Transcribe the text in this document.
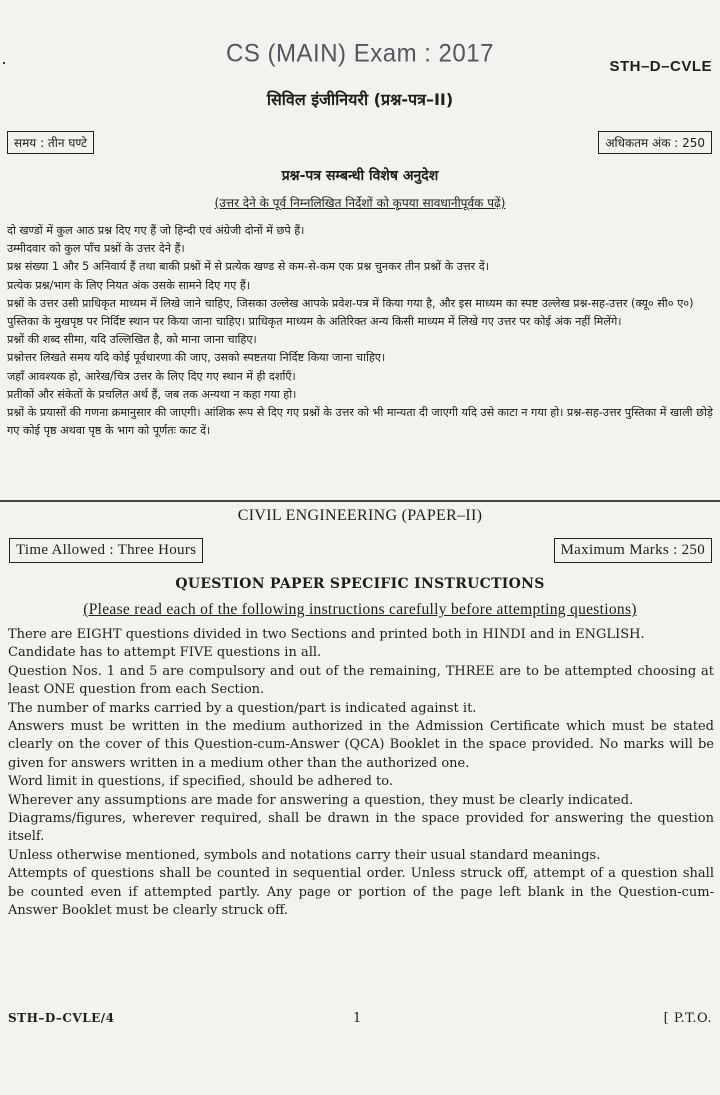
CS (MAIN) Exam : 2017	STH–D–CVLE
सिविल इंजीनियरी (प्रश्न-पत्र–II)
समय : तीन घण्टे	अधिकतम अंक : 250
प्रश्न-पत्र सम्बन्धी विशेष अनुदेश
(उत्तर देने के पूर्व निम्नलिखित निर्देशों को कृपया सावधानीपूर्वक पढ़ें)

दो खण्डों में कुल आठ प्रश्न दिए गए हैं जो हिन्दी एवं अंग्रेजी दोनों में छपे हैं।

उम्मीदवार को कुल पाँच प्रश्नों के उत्तर देने हैं।

प्रश्न संख्या 1 और 5 अनिवार्य हैं तथा बाकी प्रश्नों में से प्रत्येक खण्ड से कम-से-कम एक प्रश्न चुनकर तीन प्रश्नों के उत्तर दें।

प्रत्येक प्रश्न/भाग के लिए नियत अंक उसके सामने दिए गए हैं।

प्रश्नों के उत्तर उसी प्राधिकृत माध्यम में लिखे जाने चाहिए, जिसका उल्लेख आपके प्रवेश-पत्र में किया गया है, और इस माध्यम का स्पष्ट उल्लेख प्रश्न-सह-उत्तर (क्यू० सी० ए०) पुस्तिका के मुखपृष्ठ पर निर्दिष्ट स्थान पर किया जाना चाहिए। प्राधिकृत माध्यम के अतिरिक्त अन्य किसी माध्यम में लिखे गए उत्तर पर कोई अंक नहीं मिलेंगे।

प्रश्नों की शब्द सीमा, यदि उल्लिखित है, को माना जाना चाहिए।

प्रश्नोत्तर लिखते समय यदि कोई पूर्वधारणा की जाए, उसको स्पष्टतया निर्दिष्ट किया जाना चाहिए।

जहाँ आवश्यक हो, आरेख/चित्र उत्तर के लिए दिए गए स्थान में ही दर्शाएँ।

प्रतीकों और संकेतों के प्रचलित अर्थ हैं, जब तक अन्यथा न कहा गया हो।

प्रश्नों के प्रयासों की गणना क्रमानुसार की जाएगी। आंशिक रूप से दिए गए प्रश्नों के उत्तर को भी मान्यता दी जाएगी यदि उसे काटा न गया हो। प्रश्न-सह-उत्तर पुस्तिका में खाली छोड़े गए कोई पृष्ठ अथवा पृष्ठ के भाग को पूर्णतः काट दें।

CIVIL ENGINEERING (PAPER–II)
Time Allowed : Three Hours	Maximum Marks : 250
QUESTION PAPER SPECIFIC INSTRUCTIONS
(Please read each of the following instructions carefully before attempting questions)

There are EIGHT questions divided in two Sections and printed both in HINDI and in ENGLISH.

Candidate has to attempt FIVE questions in all.

Question Nos. 1 and 5 are compulsory and out of the remaining, THREE are to be attempted choosing at least ONE question from each Section.

The number of marks carried by a question/part is indicated against it.

Answers must be written in the medium authorized in the Admission Certificate which must be stated clearly on the cover of this Question-cum-Answer (QCA) Booklet in the space provided. No marks will be given for answers written in a medium other than the authorized one.

Word limit in questions, if specified, should be adhered to.

Wherever any assumptions are made for answering a question, they must be clearly indicated.

Diagrams/figures, wherever required, shall be drawn in the space provided for answering the question itself.

Unless otherwise mentioned, symbols and notations carry their usual standard meanings.

Attempts of questions shall be counted in sequential order. Unless struck off, attempt of a question shall be counted even if attempted partly. Any page or portion of the page left blank in the Question-cum-Answer Booklet must be clearly struck off.

STH–D–CVLE/4	1	[ P.T.O.
